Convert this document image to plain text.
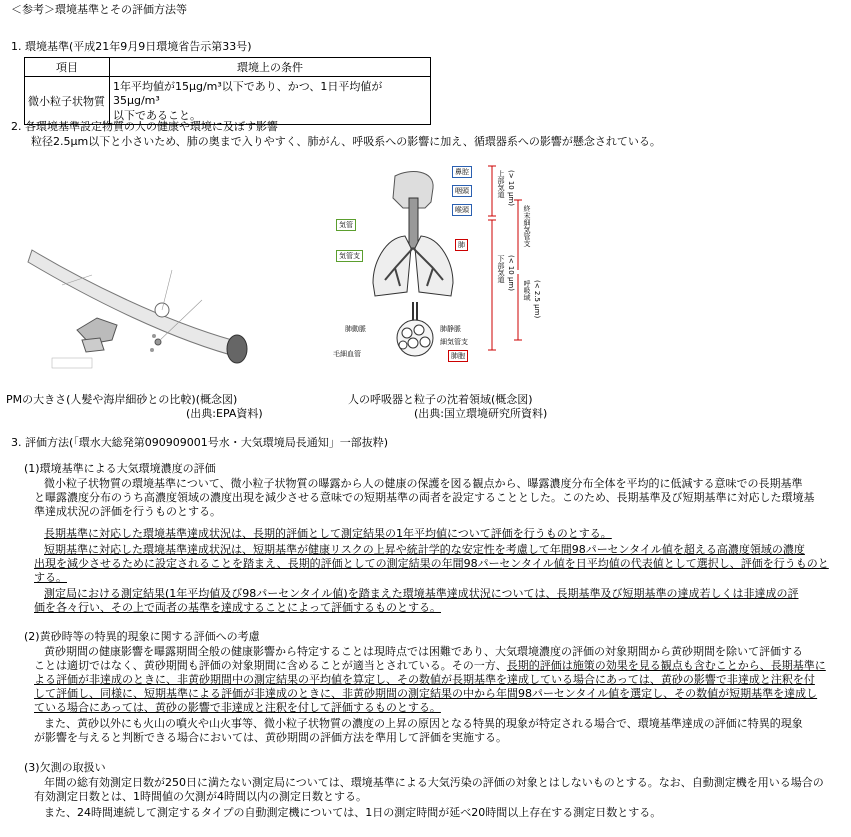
＜参考＞環境基準とその評価方法等
1. 環境基準(平成21年9月9日環境省告示第33号)
項目	環境上の条件
微小粒子状物質	1年平均値が15μg/m³以下であり、かつ、1日平均値が35μg/m³
以下であること。
2. 各環境基準設定物質の人の健康や環境に及ぼす影響
粒径2.5μm以下と小さいため、肺の奥まで入りやすく、肺がん、呼吸系への影響に加え、循環器系への影響が懸念されている。
PMの大きさ(人髪や海岸細砂との比較)(概念図)
(出典:EPA資料)
鼻腔
咽頭
喉頭
気管
気管支
肺
肺動脈	肺静脈
細気管支
毛細血管	肺胞
上部気道 (> 10 μm)
下部気道 (< 10 μm)
終末細気管支
呼吸域 (< 2.5 μm)
人の呼吸器と粒子の沈着領域(概念図)
(出典:国立環境研究所資料)
3. 評価方法(「環水大総発第090909001号水・大気環境局長通知」一部抜粋)
(1)環境基準による大気環境濃度の評価
微小粒子状物質の環境基準について、微小粒子状物質の曝露から人の健康の保護を図る観点から、曝露濃度分布全体を平均的に低減する意味での長期基準
と曝露濃度分布のうち高濃度領域の濃度出現を減少させる意味での短期基準の両者を設定することとした。このため、長期基準及び短期基準に対応した環境基
準達成状況の評価を行うものとする。
長期基準に対応した環境基準達成状況は、長期的評価として測定結果の1年平均値について評価を行うものとする。
短期基準に対応した環境基準達成状況は、短期基準が健康リスクの上昇や統計学的な安定性を考慮して年間98パーセンタイル値を超える高濃度領域の濃度
出現を減少させるために設定されることを踏まえ、長期的評価としての測定結果の年間98パーセンタイル値を日平均値の代表値として選択し、評価を行うものと
する。
測定局における測定結果(1年平均値及び98パーセンタイル値)を踏まえた環境基準達成状況については、長期基準及び短期基準の達成若しくは非達成の評
価を各々行い、その上で両者の基準を達成することによって評価するものとする。
(2)黄砂時等の特異的現象に関する評価への考慮
黄砂期間の健康影響を曝露期間全般の健康影響から特定することは現時点では困難であり、大気環境濃度の評価の対象期間から黄砂期間を除いて評価する
ことは適切ではなく、黄砂期間も評価の対象期間に含めることが適当とされている。その一方、長期的評価は施策の効果を見る観点も含むことから、長期基準に
よる評価が非達成のときに、非黄砂期間中の測定結果の平均値を算定し、その数値が長期基準を達成している場合にあっては、黄砂の影響で非達成と注釈を付
して評価し、同様に、短期基準による評価が非達成のときに、非黄砂期間の測定結果の中から年間98パーセンタイル値を選定し、その数値が短期基準を達成し
ている場合にあっては、黄砂の影響で非達成と注釈を付して評価するものとする。
また、黄砂以外にも火山の噴火や山火事等、微小粒子状物質の濃度の上昇の原因となる特異的現象が特定される場合で、環境基準達成の評価に特異的現象
が影響を与えると判断できる場合においては、黄砂期間の評価方法を準用して評価を実施する。
(3)欠測の取扱い
年間の総有効測定日数が250日に満たない測定局については、環境基準による大気汚染の評価の対象とはしないものとする。なお、自動測定機を用いる場合の
有効測定日数とは、1時間値の欠測が4時間以内の測定日数とする。
また、24時間連続して測定するタイプの自動測定機については、1日の測定時間が延べ20時間以上存在する測定日数とする。
